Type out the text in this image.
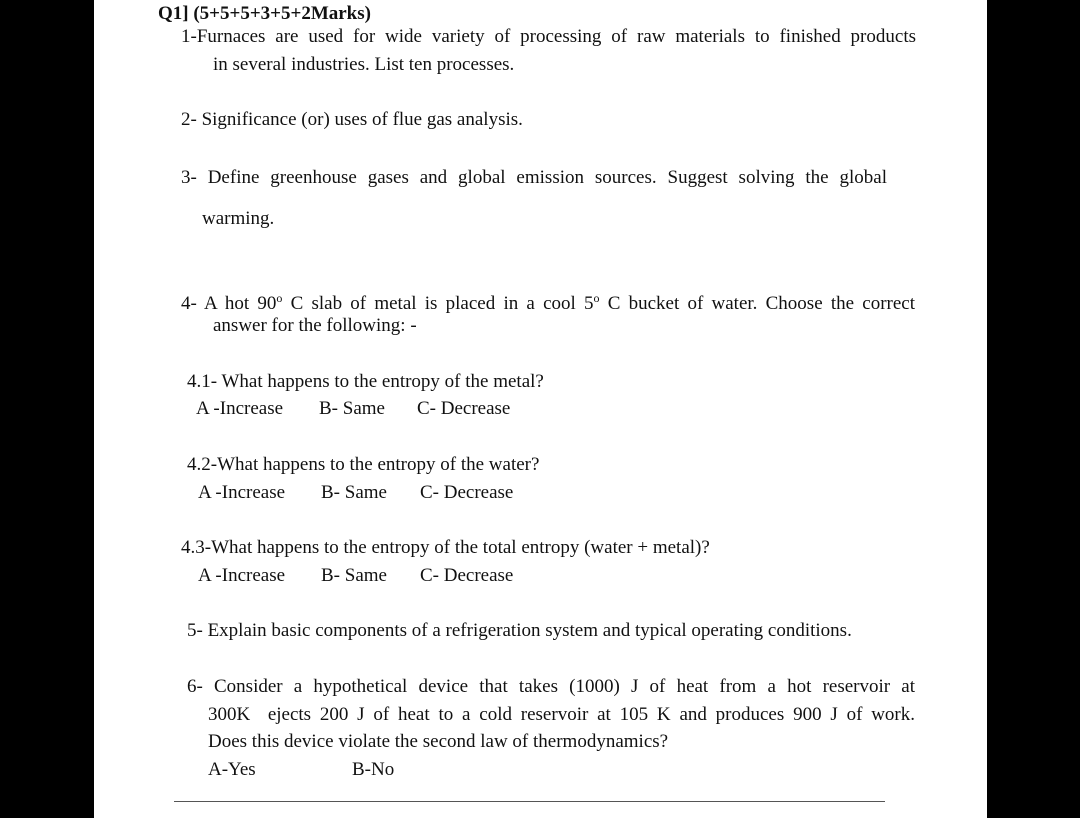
Q1] (5+5+5+3+5+2Marks)
1-Furnaces are used for wide variety of processing of raw materials to finished products
in several industries. List ten processes.
2- Significance (or) uses of flue gas analysis.
3- Define greenhouse gases and global emission sources. Suggest solving the global
warming.
4- A hot 90$^o$ C slab of metal is placed in a cool 5$^o$ C bucket of water. Choose the correct
answer for the following: -
4.1- What happens to the entropy of the metal?
A -Increase B- Same C- Decrease
4.2-What happens to the entropy of the water?
A -Increase B- Same C- Decrease
4.3-What happens to the entropy of the total entropy (water + metal)?
A -Increase B- Same C- Decrease
5- Explain basic components of a refrigeration system and typical operating conditions.
6- Consider a hypothetical device that takes (1000) J of heat from a hot reservoir at
300K  ejects 200 J of heat to a cold reservoir at 105 K and produces 900 J of work.
Does this device violate the second law of thermodynamics?
A-Yes	B-No
